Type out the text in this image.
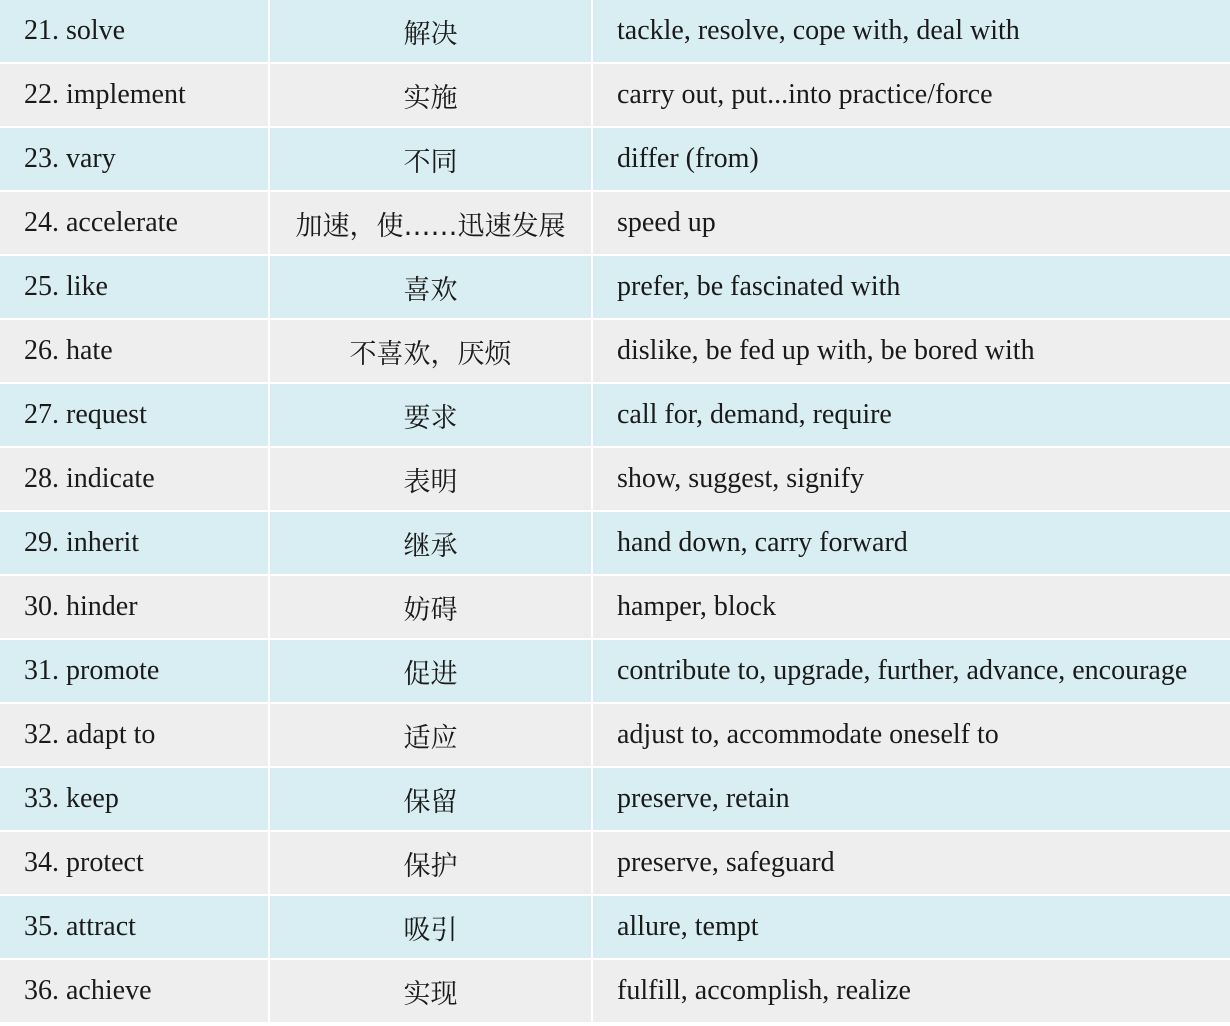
21. solve	解决	tackle, resolve, cope with, deal with
22. implement	实施	carry out, put...into practice/force
23. vary	不同	differ (from)
24. accelerate	加速，使……迅速发展	speed up
25. like	喜欢	prefer, be fascinated with
26. hate	不喜欢，厌烦	dislike, be fed up with, be bored with
27. request	要求	call for, demand, require
28. indicate	表明	show, suggest, signify
29. inherit	继承	hand down, carry forward
30. hinder	妨碍	hamper, block
31. promote	促进	contribute to, upgrade, further, advance, encourage
32. adapt to	适应	adjust to, accommodate oneself to
33. keep	保留	preserve, retain
34. protect	保护	preserve, safeguard
35. attract	吸引	allure, tempt
36. achieve	实现	fulfill, accomplish, realize
